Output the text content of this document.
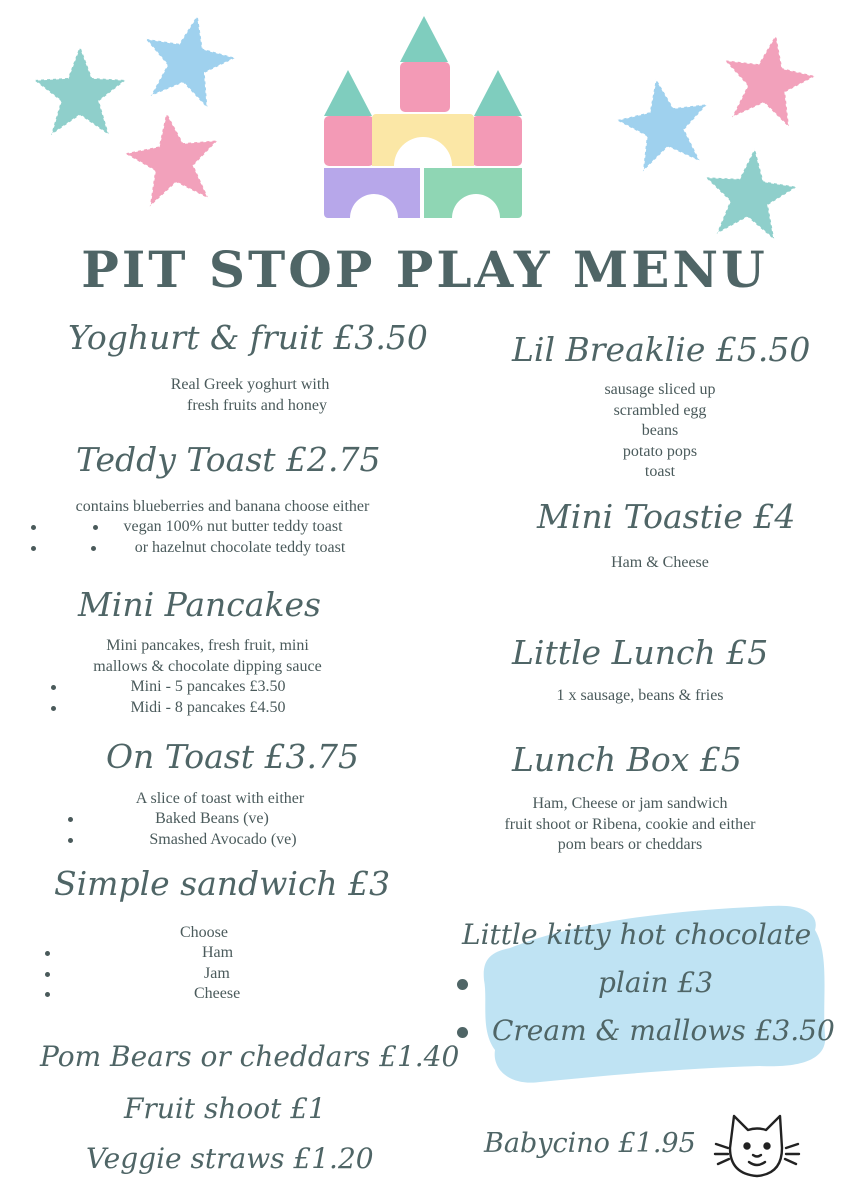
PIT STOP PLAY MENU
Yoghurt & fruit £3.50
Real Greek yoghurt with
fresh fruits and honey
Teddy Toast £2.75
contains blueberries and banana choose either
vegan 100% nut butter teddy toast
or hazelnut chocolate teddy toast
Mini Pancakes
Mini pancakes, fresh fruit, mini
mallows & chocolate dipping sauce
Mini - 5 pancakes £3.50
Midi - 8 pancakes £4.50
On Toast £3.75
A slice of toast with either
Baked Beans (ve)
Smashed Avocado (ve)
Simple sandwich £3
Choose
Ham
Jam
Cheese
Pom Bears or cheddars £1.40
Fruit shoot £1
Veggie straws £1.20
Lil Breaklie £5.50
sausage sliced up
scrambled egg
beans
potato pops
toast
Mini Toastie £4
Ham & Cheese
Little Lunch £5
1 x sausage, beans & fries
Lunch Box £5
Ham, Cheese or jam sandwich
fruit shoot or Ribena, cookie and either
pom bears or cheddars
Little kitty hot chocolate
plain £3
Cream & mallows £3.50
Babycino £1.95
